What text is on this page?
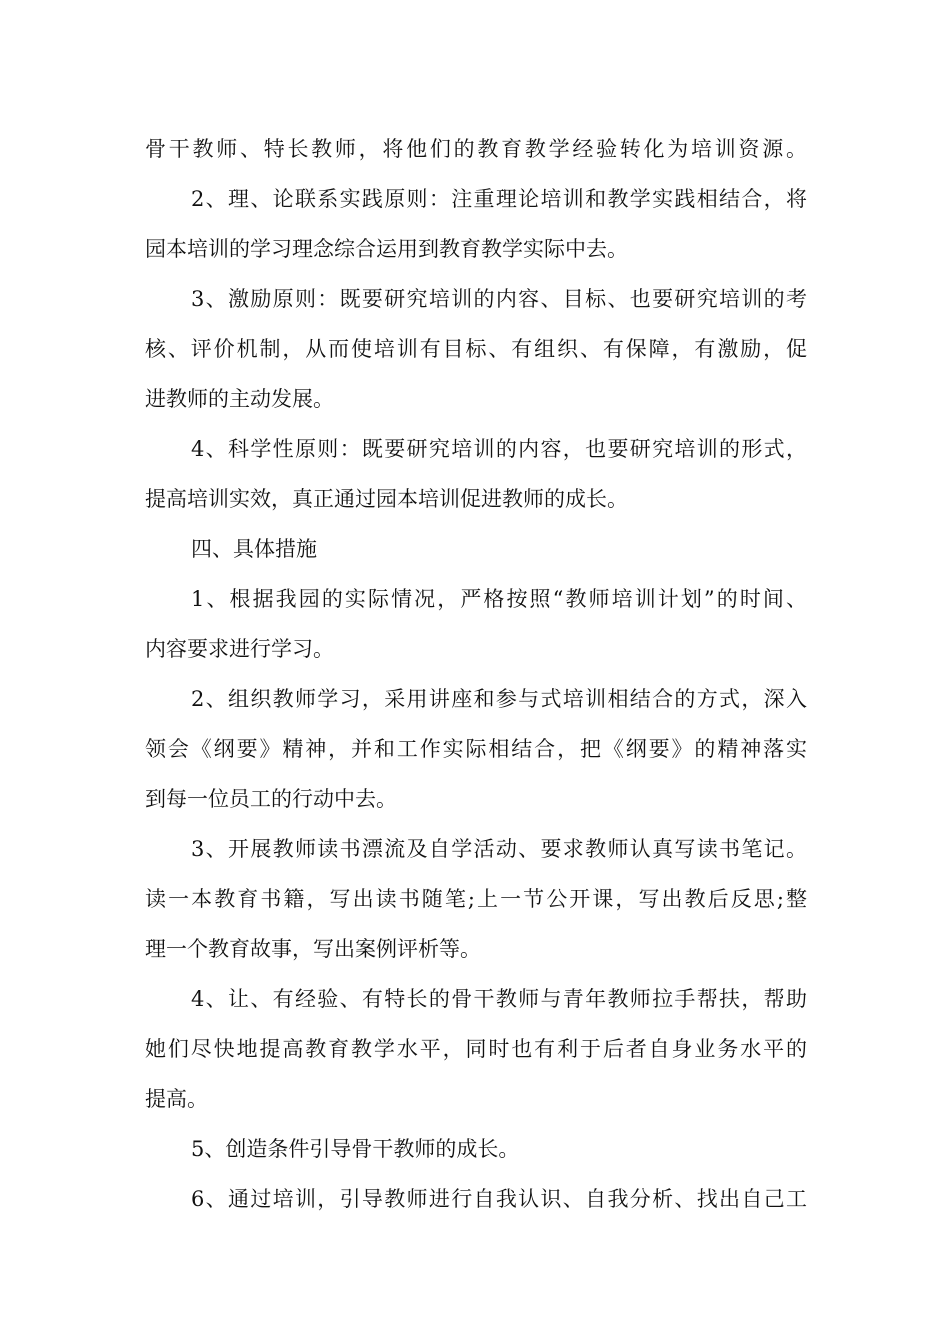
骨干教师、特长教师，将他们的教育教学经验转化为培训资源。
2、理、论联系实践原则：注重理论培训和教学实践相结合，将
园本培训的学习理念综合运用到教育教学实际中去。
3、激励原则：既要研究培训的内容、目标、也要研究培训的考
核、评价机制，从而使培训有目标、有组织、有保障，有激励，促
进教师的主动发展。
4、科学性原则：既要研究培训的内容，也要研究培训的形式，
提高培训实效，真正通过园本培训促进教师的成长。
四、具体措施
1、根据我园的实际情况，严格按照“教师培训计划”的时间、
内容要求进行学习。
2、组织教师学习，采用讲座和参与式培训相结合的方式，深入
领会《纲要》精神，并和工作实际相结合，把《纲要》的精神落实
到每一位员工的行动中去。
3、开展教师读书漂流及自学活动、要求教师认真写读书笔记。
读一本教育书籍，写出读书随笔;上一节公开课，写出教后反思;整
理一个教育故事，写出案例评析等。
4、让、有经验、有特长的骨干教师与青年教师拉手帮扶，帮助
她们尽快地提高教育教学水平，同时也有利于后者自身业务水平的
提高。
5、创造条件引导骨干教师的成长。
6、通过培训，引导教师进行自我认识、自我分析、找出自己工
